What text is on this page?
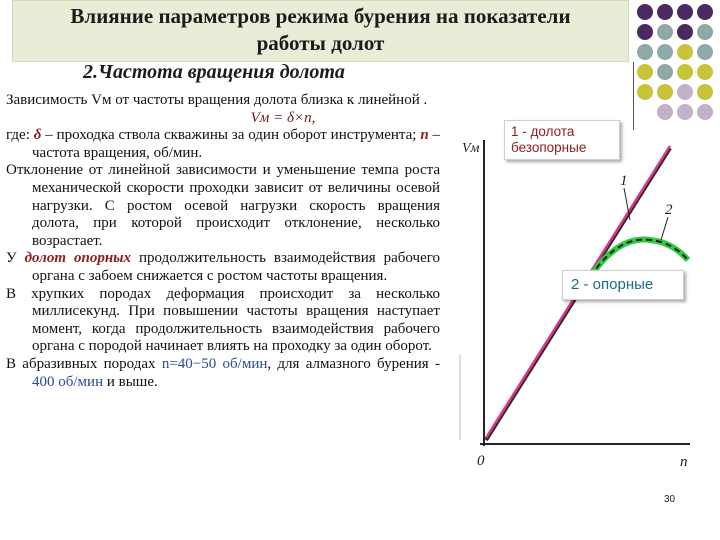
Влияние параметров режима бурения на показатели
работы долот
2.Частота вращения долота
Зависимость Vм от частоты вращения долота близка к линейной .
Vм = δ×n,
где: δ – проходка ствола скважины за один оборот инструмента; n – частота вращения, об/мин.
Отклонение от линейной зависимости и уменьшение темпа роста механической скорости проходки зависит от величины осевой нагрузки. С ростом осевой нагрузки скорость вращения долота, при которой происходит отклонение, несколько возрастает.
У долот опорных продолжительность взаимодействия рабочего органа с забоем снижается с ростом частоты вращения.
В хрупких породах деформация происходит за несколько миллисекунд. При повышении частоты вращения наступает момент, когда продолжительность взаимодействия рабочего органа с породой начинает влиять на проходку за один оборот.
В абразивных породах n=40−50 об/мин, для алмазного бурения - 400 об/мин и выше.
Vм
0	n
1
2
1 - долота безопорные
2 - опорные
30
